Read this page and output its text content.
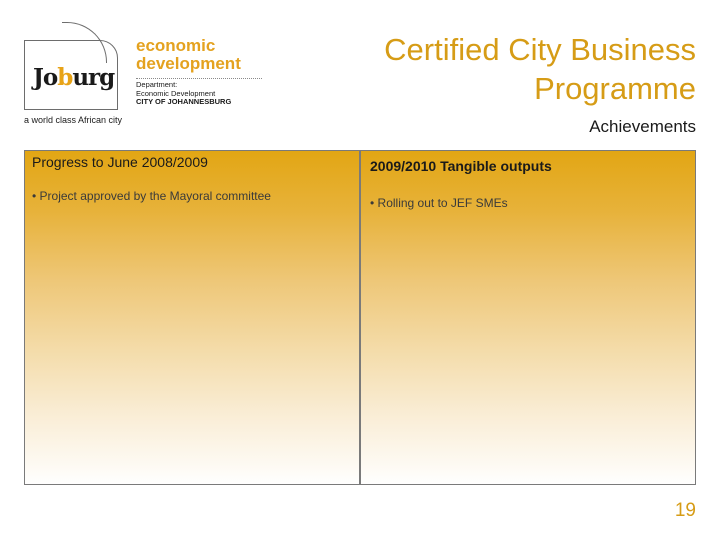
Joburg
a world class African city
economic
development
Department:
Economic Development
CITY OF JOHANNESBURG
Certified City Business
Programme
Achievements
Progress to June 2008/2009
• Project approved by the Mayoral committee
2009/2010 Tangible outputs
• Rolling out to JEF SMEs
19
